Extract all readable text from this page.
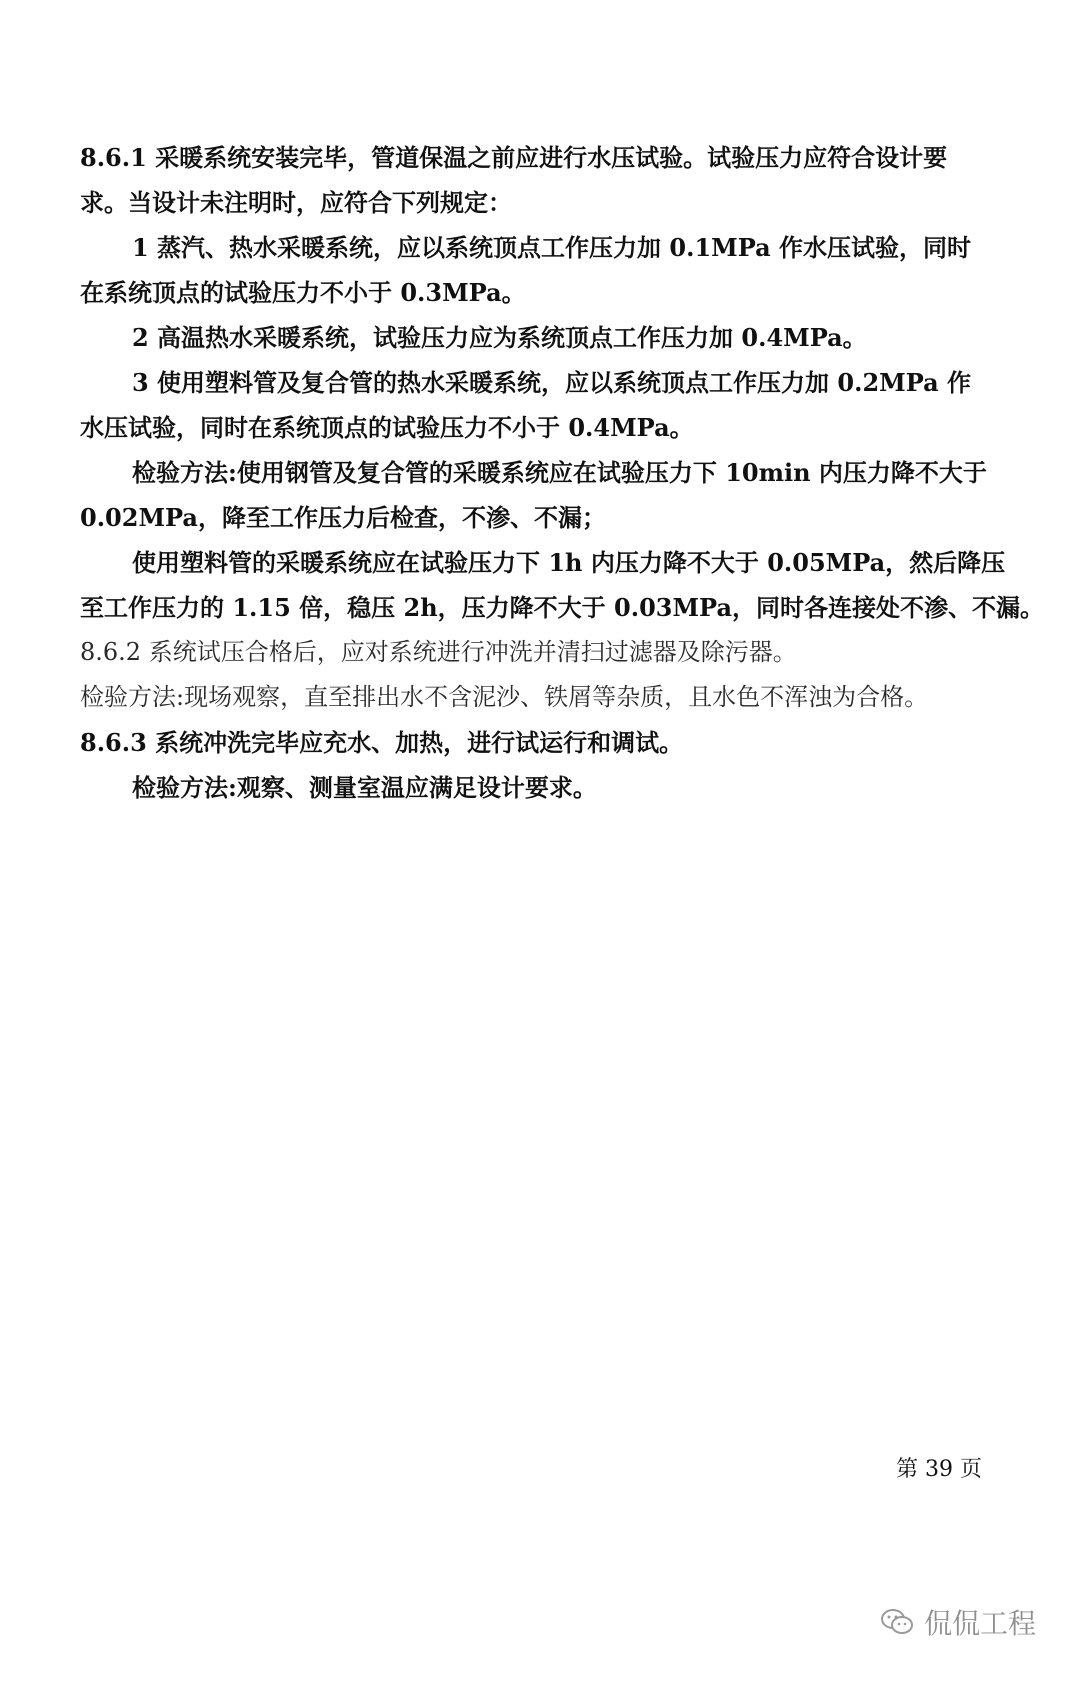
8.6.1 采暖系统安装完毕，管道保温之前应进行水压试验。试验压力应符合设计要
求。当设计未注明时，应符合下列规定：
1 蒸汽、热水采暖系统，应以系统顶点工作压力加 0.1MPa 作水压试验，同时
在系统顶点的试验压力不小于 0.3MPa。
2 高温热水采暖系统，试验压力应为系统顶点工作压力加 0.4MPa。
3 使用塑料管及复合管的热水采暖系统，应以系统顶点工作压力加 0.2MPa 作
水压试验，同时在系统顶点的试验压力不小于 0.4MPa。
检验方法:使用钢管及复合管的采暖系统应在试验压力下 10min 内压力降不大于
0.02MPa，降至工作压力后检查，不渗、不漏；
使用塑料管的采暖系统应在试验压力下 1h 内压力降不大于 0.05MPa，然后降压
至工作压力的 1.15 倍，稳压 2h，压力降不大于 0.03MPa，同时各连接处不渗、不漏。
8.6.2 系统试压合格后，应对系统进行冲洗并清扫过滤器及除污器。
检验方法:现场观察，直至排出水不含泥沙、铁屑等杂质，且水色不浑浊为合格。
8.6.3 系统冲洗完毕应充水、加热，进行试运行和调试。
检验方法:观察、测量室温应满足设计要求。
第 39 页
侃侃工程
